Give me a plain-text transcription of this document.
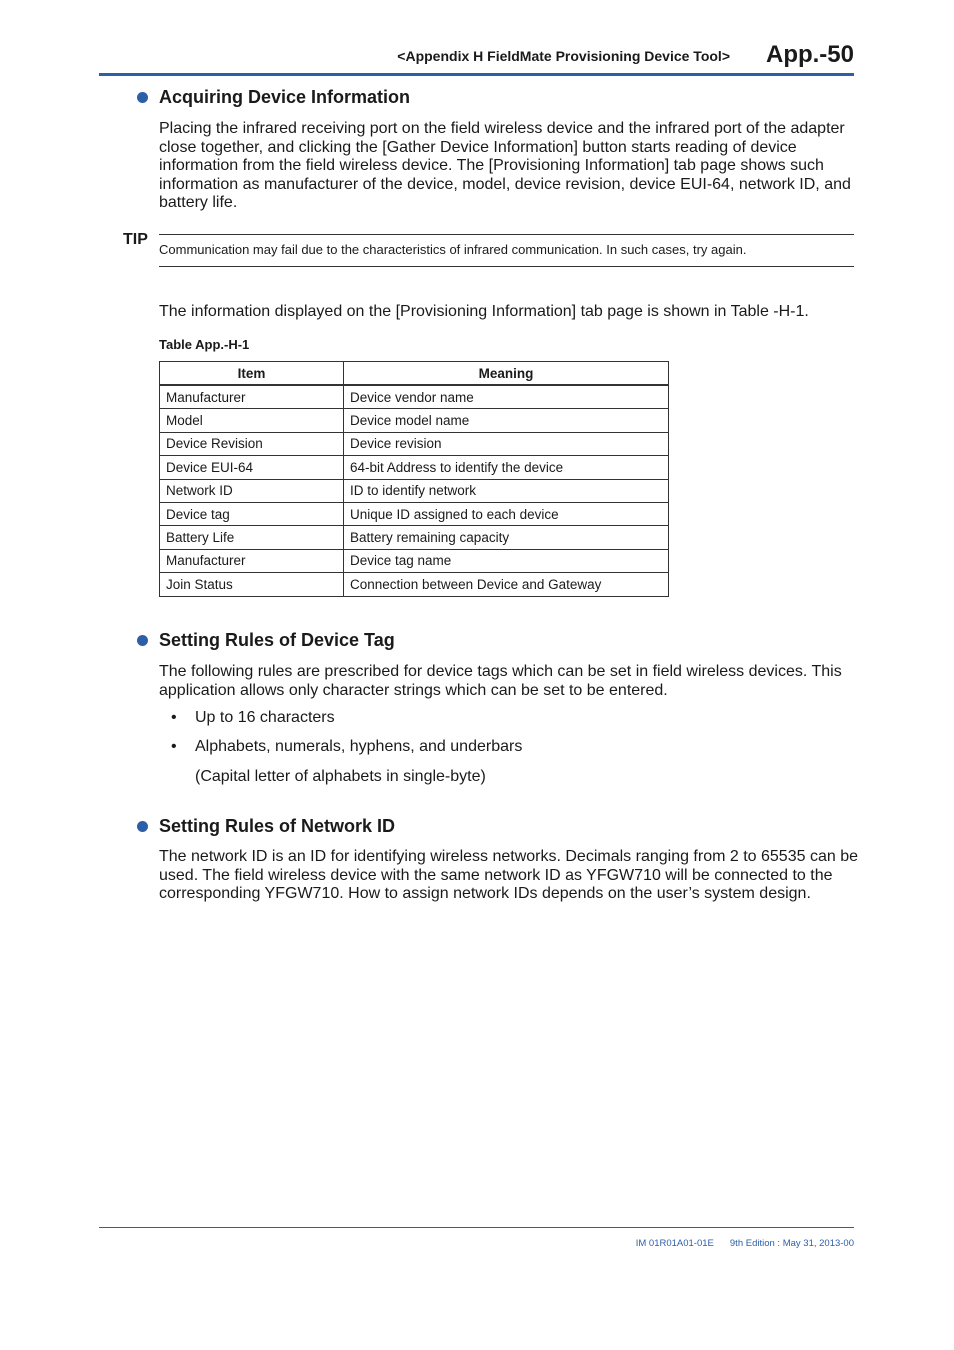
<Appendix H FieldMate Provisioning Device Tool> App.-50
Acquiring Device Information
Placing the infrared receiving port on the field wireless device and the infrared port of the adapter close together, and clicking the [Gather Device Information] button starts reading of device information from the field wireless device. The [Provisioning Information] tab page shows such information as manufacturer of the device, model, device revision, device EUI-64, network ID, and battery life.
TIP
Communication may fail due to the characteristics of infrared communication. In such cases, try again.
The information displayed on the [Provisioning Information] tab page is shown in Table -H-1.
Table App.-H-1
Item	Meaning
Manufacturer	Device vendor name
Model	Device model name
Device Revision	Device revision
Device EUI-64	64-bit Address to identify the device
Network ID	ID to identify network
Device tag	Unique ID assigned to each device
Battery Life	Battery remaining capacity
Manufacturer	Device tag name
Join Status	Connection between Device and Gateway
Setting Rules of Device Tag
The following rules are prescribed for device tags which can be set in field wireless devices. This application allows only character strings which can be set to be entered.
• Up to 16 characters
• Alphabets, numerals, hyphens, and underbars
(Capital letter of alphabets in single-byte)
Setting Rules of Network ID
The network ID is an ID for identifying wireless networks. Decimals ranging from 2 to 65535 can be used. The field wireless device with the same network ID as YFGW710 will be connected to the corresponding YFGW710. How to assign network IDs depends on the user’s system design.
IM 01R01A01-01E 9th Edition : May 31, 2013-00
